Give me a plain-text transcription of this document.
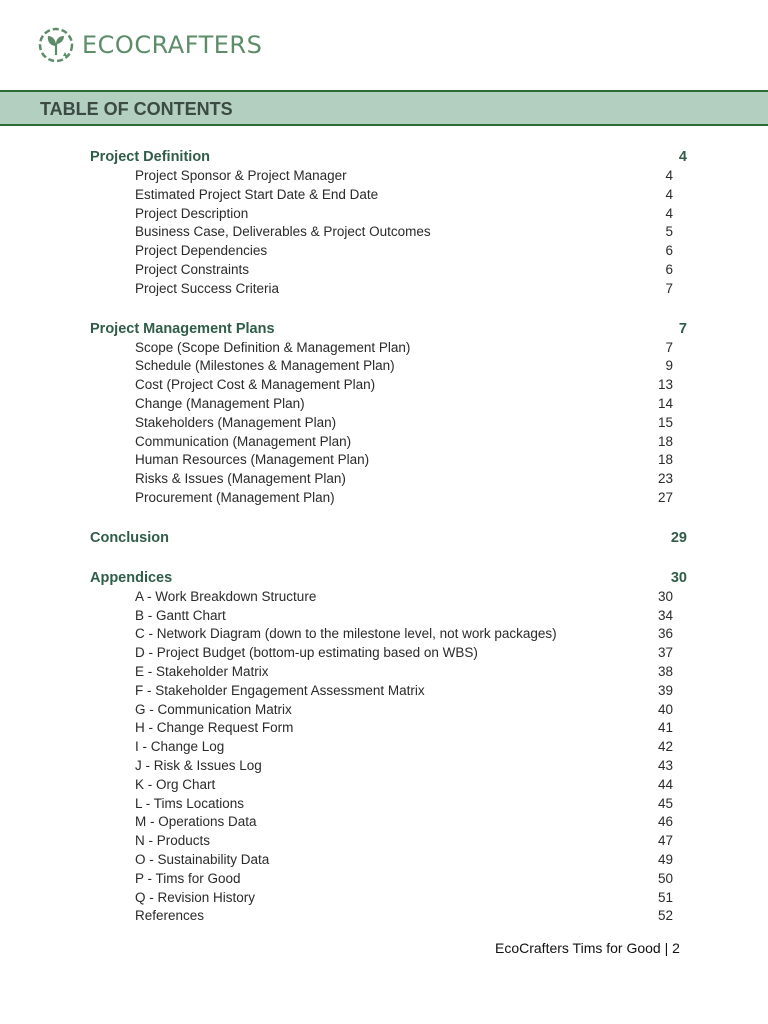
ECOCRAFTERS
TABLE OF CONTENTS
Project Definition	4
Project Sponsor & Project Manager	4
Estimated Project Start Date & End Date	4
Project Description	4
Business Case, Deliverables & Project Outcomes	5
Project Dependencies	6
Project Constraints	6
Project Success Criteria	7
Project Management Plans	7
Scope (Scope Definition & Management Plan)	7
Schedule (Milestones & Management Plan)	9
Cost (Project Cost & Management Plan)	13
Change (Management Plan)	14
Stakeholders (Management Plan)	15
Communication (Management Plan)	18
Human Resources (Management Plan)	18
Risks & Issues (Management Plan)	23
Procurement (Management Plan)	27
Conclusion	29
Appendices	30
A - Work Breakdown Structure	30
B - Gantt Chart	34
C - Network Diagram (down to the milestone level, not work packages)	36
D - Project Budget (bottom-up estimating based on WBS)	37
E - Stakeholder Matrix	38
F - Stakeholder Engagement Assessment Matrix	39
G - Communication Matrix	40
H - Change Request Form	41
I - Change Log	42
J - Risk & Issues Log	43
K - Org Chart	44
L - Tims Locations	45
M - Operations Data	46
N - Products	47
O - Sustainability Data	49
P - Tims for Good	50
Q - Revision History	51
References	52
EcoCrafters Tims for Good | 2
